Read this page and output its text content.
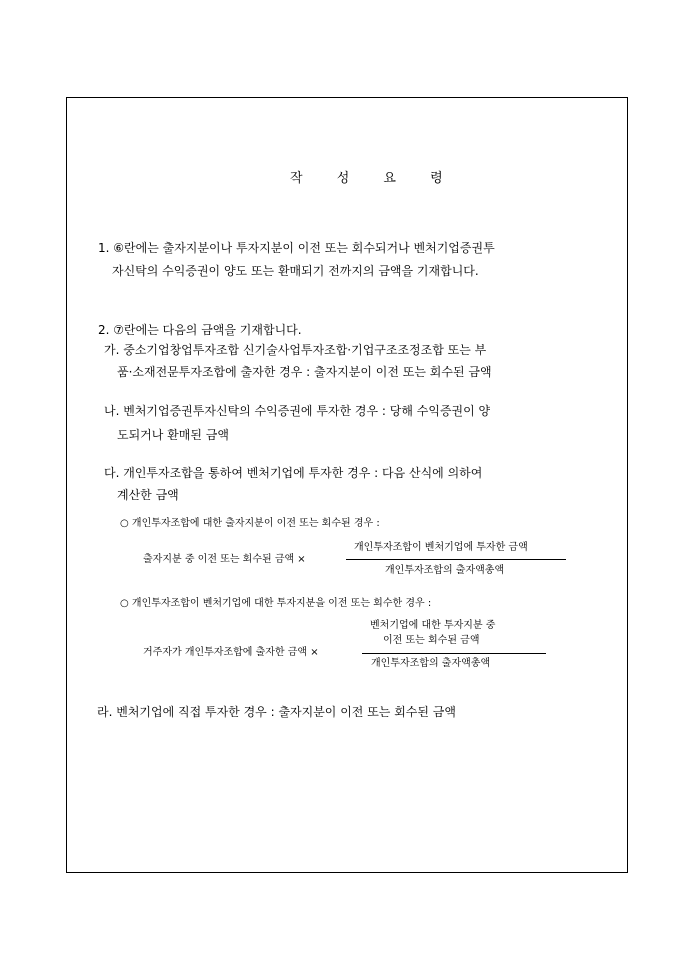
작 성 요 령
1. ⑥란에는 출자지분이나 투자지분이 이전 또는 회수되거나 벤처기업증권투
자신탁의 수익증권이 양도 또는 환매되기 전까지의 금액을 기재합니다.
2. ⑦란에는 다음의 금액을 기재합니다.
가. 중소기업창업투자조합 신기술사업투자조합·기업구조조정조합 또는 부
품·소재전문투자조합에 출자한 경우 : 출자지분이 이전 또는 회수된 금액
나. 벤처기업증권투자신탁의 수익증권에 투자한 경우 : 당해 수익증권이 양
도되거나 환매된 금액
다. 개인투자조합을 통하여 벤처기업에 투자한 경우 : 다음 산식에 의하여
계산한 금액
○ 개인투자조합에 대한 출자지분이 이전 또는 회수된 경우 :
개인투자조합이 벤처기업에 투자한 금액
출자지분 중 이전 또는 회수된 금액 ×
개인투자조합의 출자액총액
○ 개인투자조합이 벤처기업에 대한 투자지분을 이전 또는 회수한 경우 :
벤처기업에 대한 투자지분 중
이전 또는 회수된 금액
거주자가 개인투자조합에 출자한 금액 ×
개인투자조합의 출자액총액
라. 벤처기업에 직접 투자한 경우 : 출자지분이 이전 또는 회수된 금액
